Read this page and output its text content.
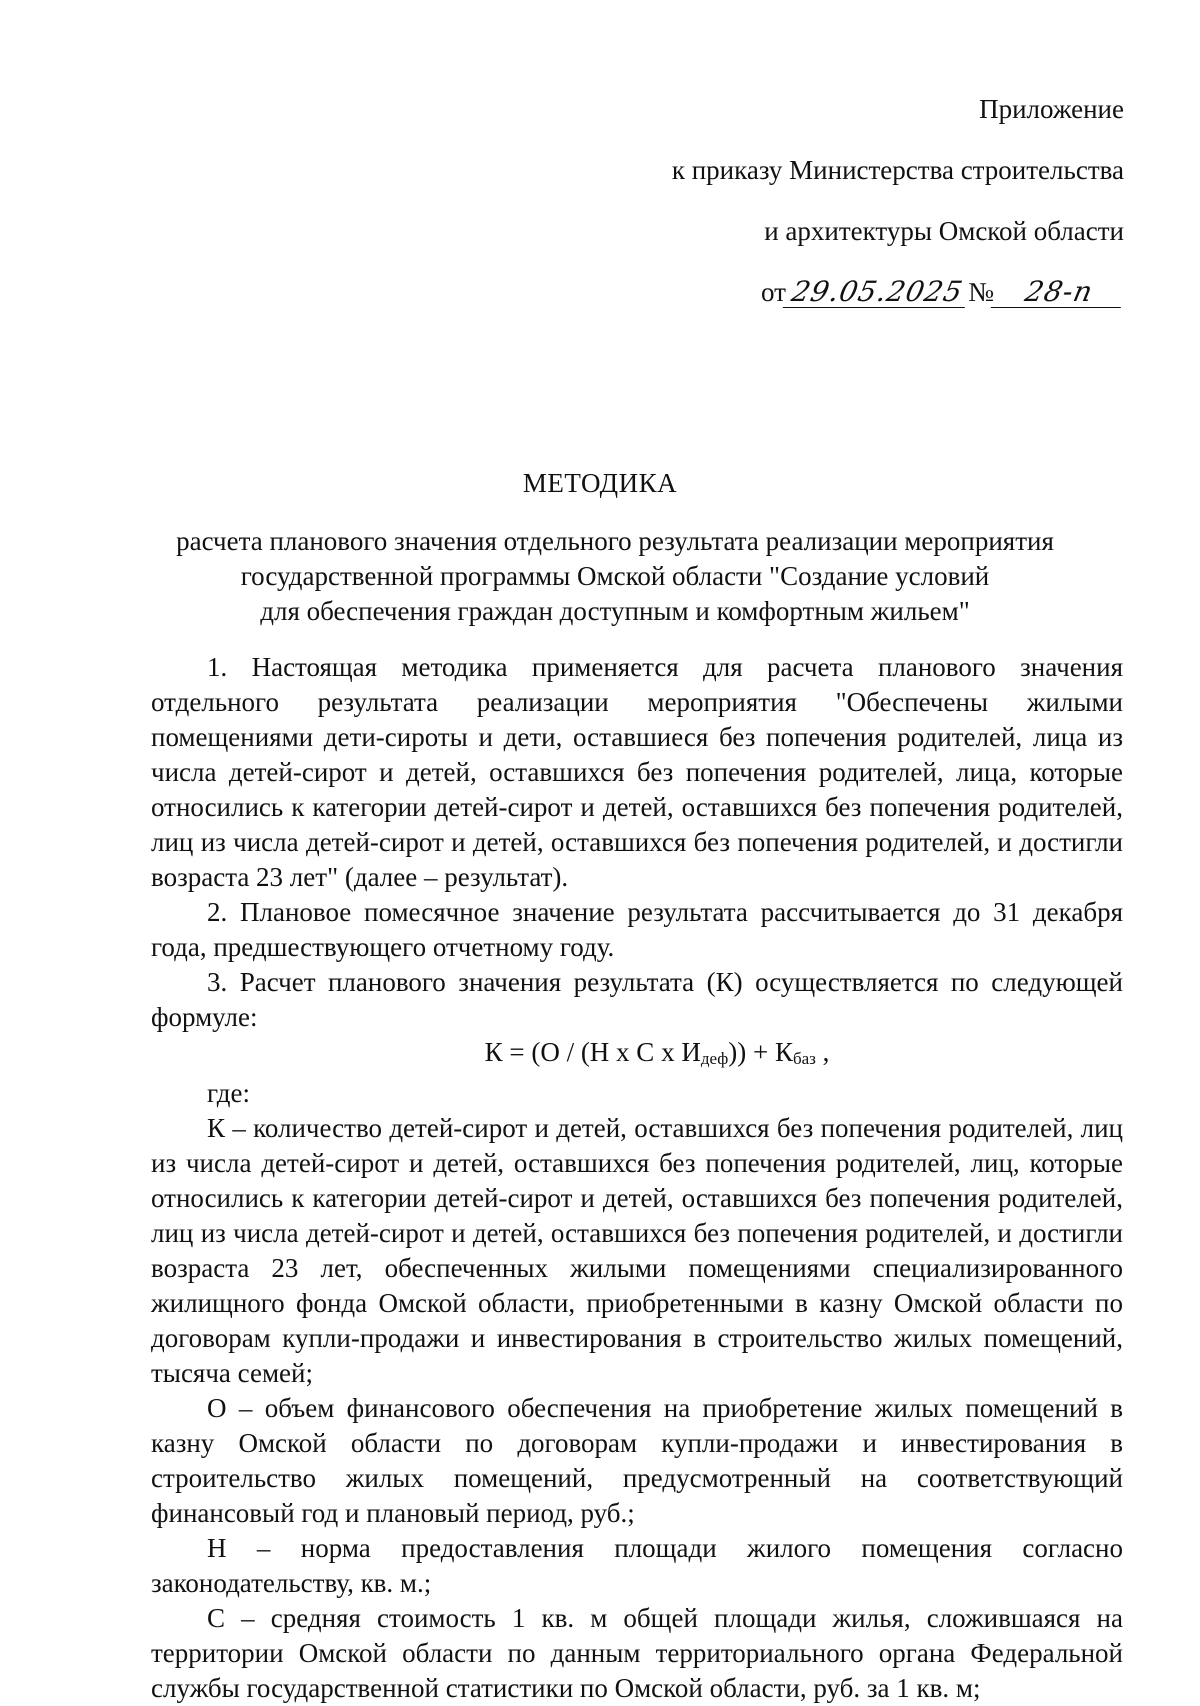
Приложение
к приказу Министерства строительства
и архитектуры Омской области
от29.05.2025№ 28-п
МЕТОДИКА
расчета планового значения отдельного результата реализации мероприятия
государственной программы Омской области "Создание условий
для обеспечения граждан доступным и комфортным жильем"

1. Настоящая методика применяется для расчета планового значения отдельного результата реализации мероприятия "Обеспечены жилыми помещениями дети-сироты и дети, оставшиеся без попечения родителей, лица из числа детей-сирот и детей, оставшихся без попечения родителей, лица, которые относились к категории детей-сирот и детей, оставшихся без попечения родителей, лиц из числа детей-сирот и детей, оставшихся без попечения родителей, и достигли возраста 23 лет" (далее – результат).

2. Плановое помесячное значение результата рассчитывается до 31 декабря года, предшествующего отчетному году.

3. Расчет планового значения результата (К) осуществляется по следующей формуле:

К = (О / (Н х С х $И_{деф})) + К_{баз}$ ,

где:

К – количество детей-сирот и детей, оставшихся без попечения родителей, лиц из числа детей-сирот и детей, оставшихся без попечения родителей, лиц, которые относились к категории детей-сирот и детей, оставшихся без попечения родителей, лиц из числа детей-сирот и детей, оставшихся без попечения родителей, и достигли возраста 23 лет, обеспеченных жилыми помещениями специализированного жилищного фонда Омской области, приобретенными в казну Омской области по договорам купли-продажи и инвестирования в строительство жилых помещений, тысяча семей;

О – объем финансового обеспечения на приобретение жилых помещений в казну Омской области по договорам купли-продажи и инвестирования в строительство жилых помещений, предусмотренный на соответствующий финансовый год и плановый период, руб.;

Н – норма предоставления площади жилого помещения согласно законодательству, кв. м.;

С – средняя стоимость 1 кв. м общей площади жилья, сложившаяся на территории Омской области по данным территориального органа Федеральной службы государственной статистики по Омской области, руб. за 1 кв. м;
